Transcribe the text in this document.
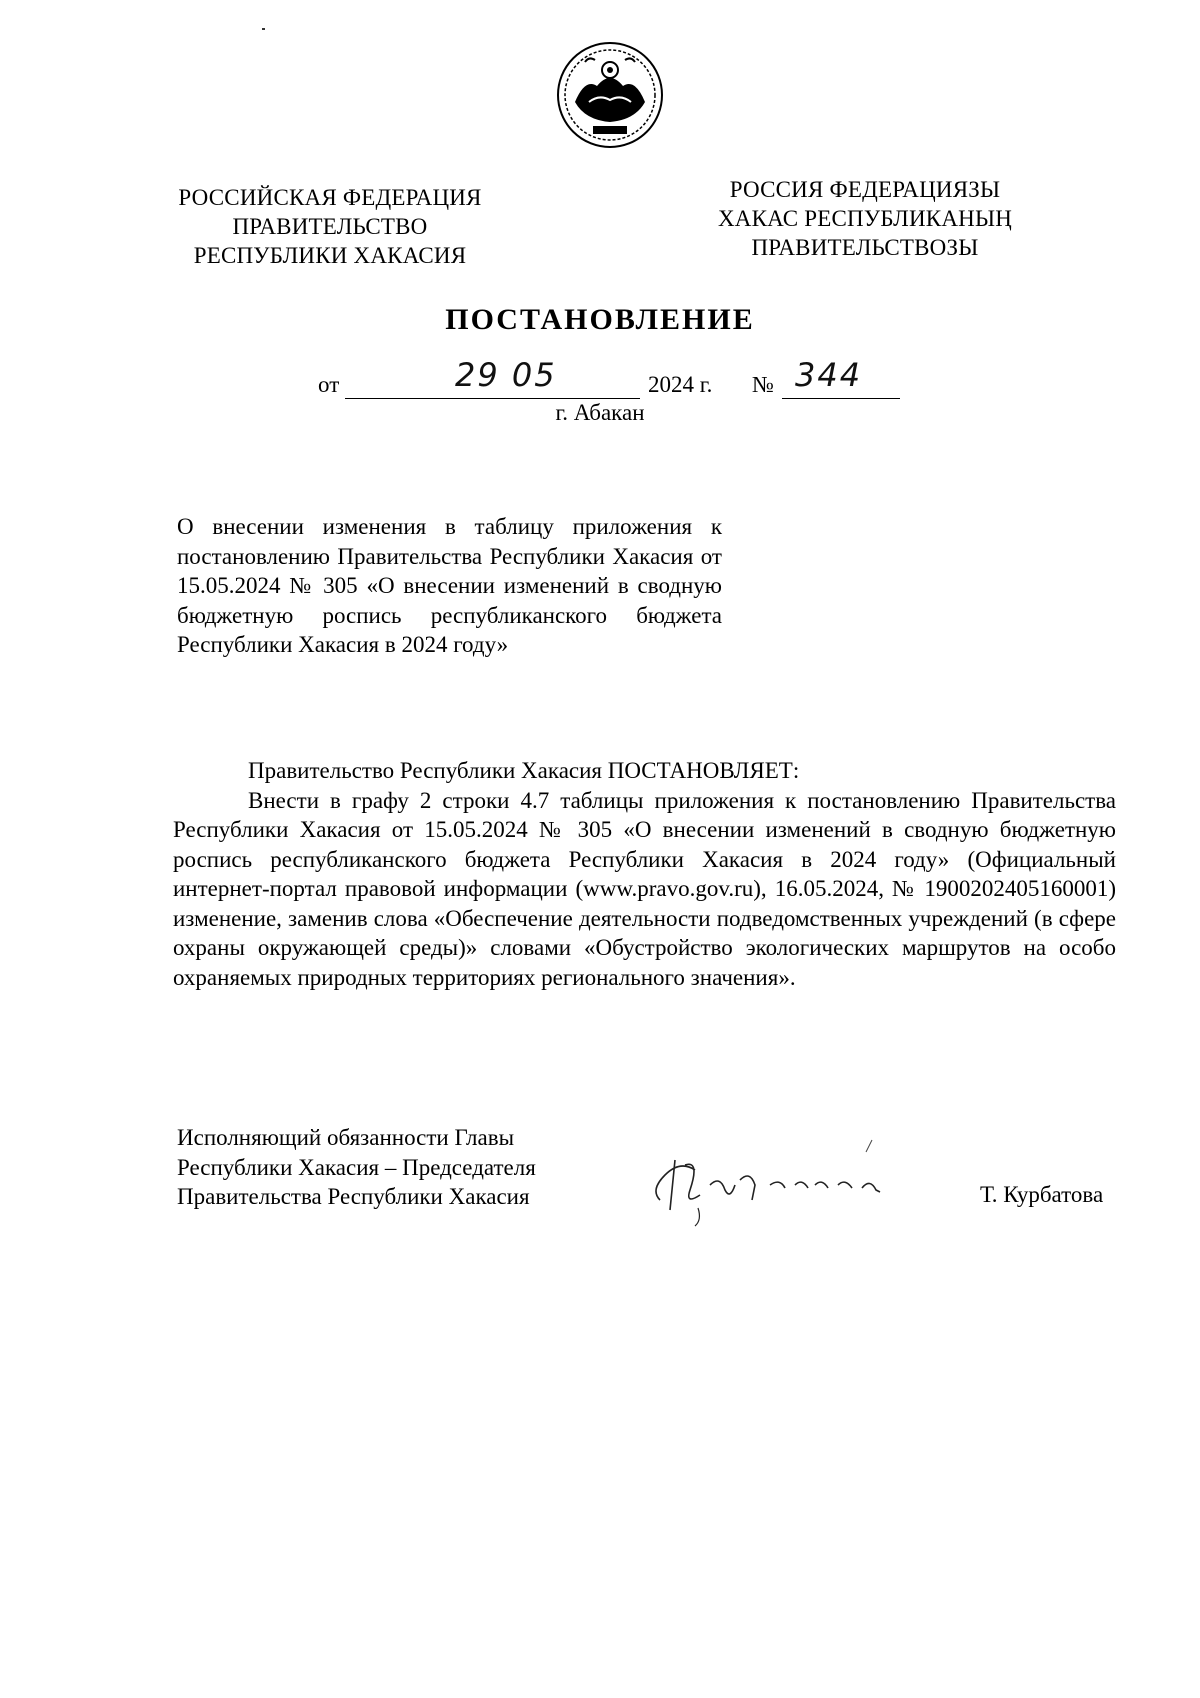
РОССИЙСКАЯ ФЕДЕРАЦИЯ
ПРАВИТЕЛЬСТВО
РЕСПУБЛИКИ ХАКАСИЯ
РОССИЯ ФЕДЕРАЦИЯЗЫ
ХАКАС РЕСПУБЛИКАНЫҢ
ПРАВИТЕЛЬСТВОЗЫ
ПОСТАНОВЛЕНИЕ
от	29 05	2024 г. № 344
г. Абакан
О внесении изменения в таблицу приложения к постановлению Правительства Республики Хакасия от 15.05.2024 № 305 «О внесении изменений в сводную бюджетную роспись республиканского бюджета Республики Хакасия в 2024 году»

Правительство Республики Хакасия ПОСТАНОВЛЯЕТ:

Внести в графу 2 строки 4.7 таблицы приложения к постановлению Правительства Республики Хакасия от 15.05.2024 № 305 «О внесении изменений в сводную бюджетную роспись республиканского бюджета Республики Хакасия в 2024 году» (Официальный интернет-портал правовой информации (www.pravo.gov.ru), 16.05.2024, № 1900202405160001) изменение, заменив слова «Обеспечение деятельности подведомственных учреждений (в сфере охраны окружающей среды)» словами «Обустройство экологических маршрутов на особо охраняемых природных территориях регионального значения».

Исполняющий обязанности Главы
Республики Хакасия – Председателя
Правительства Республики Хакасия	Т. Курбатова
